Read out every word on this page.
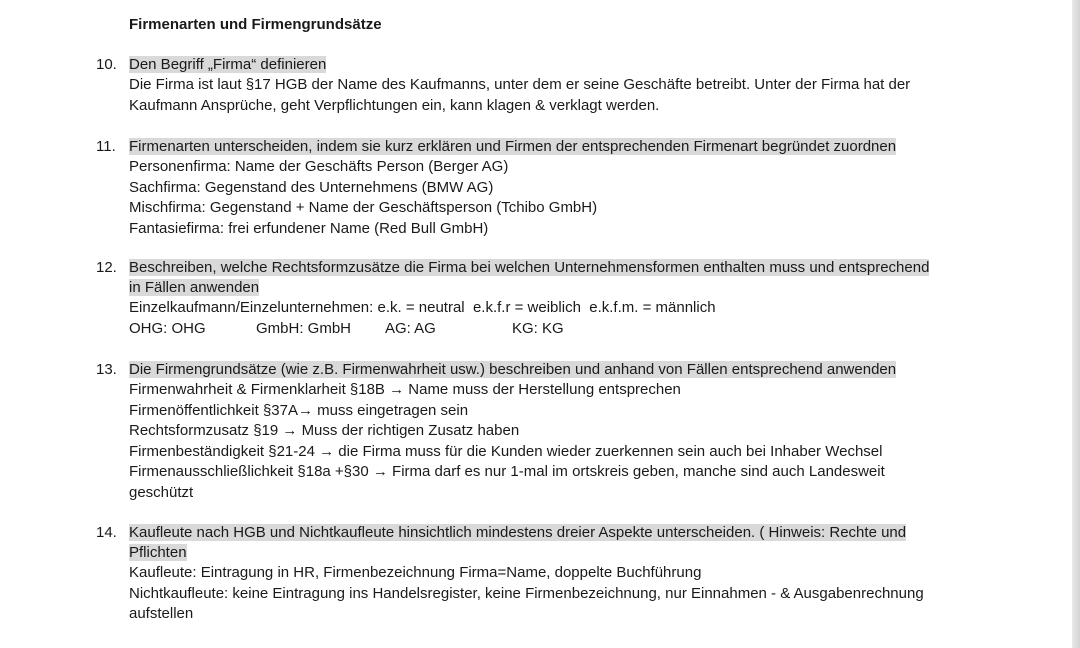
Firmenarten und Firmengrundsätze
10. Den Begriff „Firma“ definieren
Die Firma ist laut §17 HGB der Name des Kaufmanns, unter dem er seine Geschäfte betreibt. Unter der Firma hat der
Kaufmann Ansprüche, geht Verpflichtungen ein, kann klagen & verklagt werden.
11. Firmenarten unterscheiden, indem sie kurz erklären und Firmen der entsprechenden Firmenart begründet zuordnen
Personenfirma: Name der Geschäfts Person (Berger AG)
Sachfirma: Gegenstand des Unternehmens (BMW AG)
Mischfirma: Gegenstand + Name der Geschäftsperson (Tchibo GmbH)
Fantasiefirma: frei erfundener Name (Red Bull GmbH)
12. Beschreiben, welche Rechtsformzusätze die Firma bei welchen Unternehmensformen enthalten muss und entsprechend
in Fällen anwenden
Einzelkaufmann/Einzelunternehmen: e.k. = neutral  e.k.f.r = weiblich  e.k.f.m. = männlich
OHG: OHG	GmbH: GmbH AG: AG	KG: KG
13. Die Firmengrundsätze (wie z.B. Firmenwahrheit usw.) beschreiben und anhand von Fällen entsprechend anwenden
Firmenwahrheit & Firmenklarheit §18B → Name muss der Herstellung entsprechen
Firmenöffentlichkeit §37A→ muss eingetragen sein
Rechtsformzusatz §19 → Muss der richtigen Zusatz haben
Firmenbeständigkeit §21-24 → die Firma muss für die Kunden wieder zuerkennen sein auch bei Inhaber Wechsel
Firmenausschließlichkeit §18a +§30 → Firma darf es nur 1-mal im ortskreis geben, manche sind auch Landesweit
geschützt
14. Kaufleute nach HGB und Nichtkaufleute hinsichtlich mindestens dreier Aspekte unterscheiden. ( Hinweis: Rechte und
Pflichten
Kaufleute: Eintragung in HR, Firmenbezeichnung Firma=Name, doppelte Buchführung
Nichtkaufleute: keine Eintragung ins Handelsregister, keine Firmenbezeichnung, nur Einnahmen - & Ausgabenrechnung
aufstellen
